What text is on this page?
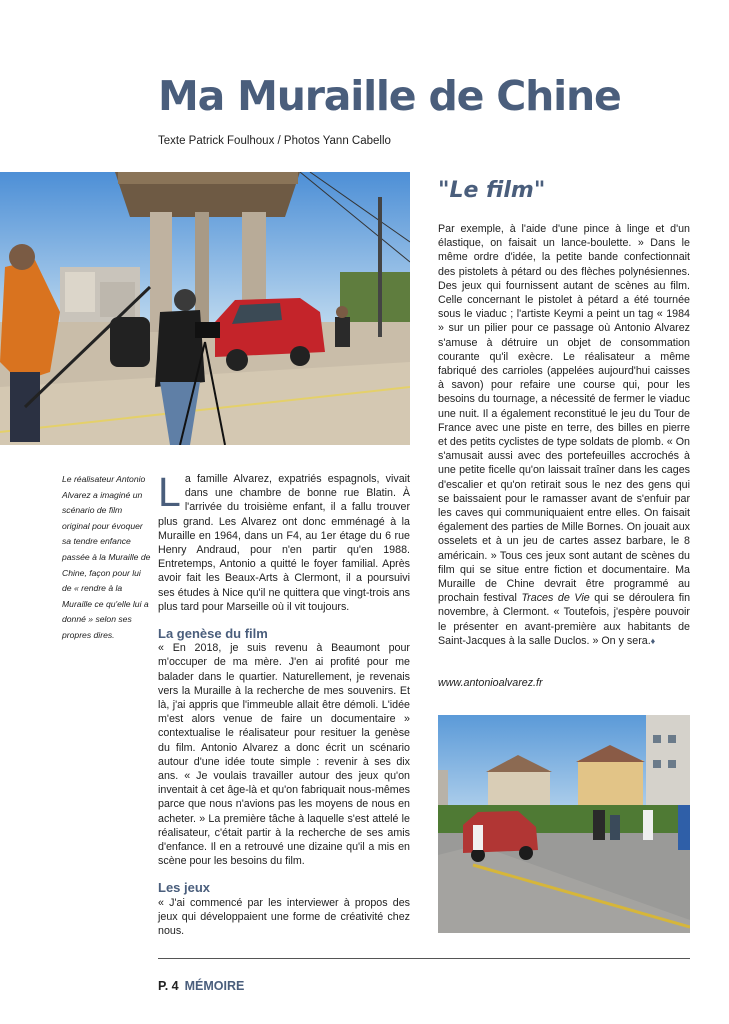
Ma Muraille de Chine
Texte Patrick Foulhoux / Photos Yann Cabello
Le réalisateur Antonio Alvarez a imaginé un scénario de film original pour évoquer sa tendre enfance passée à la Muraille de Chine, façon pour lui de « rendre à la Muraille ce qu'elle lui a donné » selon ses propres dires.

La famille Alvarez, expatriés espagnols, vivait dans une chambre de bonne rue Blatin. À l'arrivée du troisième enfant, il a fallu trouver plus grand. Les Alvarez ont donc emménagé à la Muraille en 1964, dans un F4, au 1er étage du 6 rue Henry Andraud, pour n'en partir qu'en 1988. Entretemps, Antonio a quitté le foyer familial. Après avoir fait les Beaux-Arts à Clermont, il a poursuivi ses études à Nice qu'il ne quittera que vingt-trois ans plus tard pour Marseille où il vit toujours.

La genèse du film

« En 2018, je suis revenu à Beaumont pour m'occuper de ma mère. J'en ai profité pour me balader dans le quartier. Naturellement, je revenais vers la Muraille à la recherche de mes souvenirs. Et là, j'ai appris que l'immeuble allait être démoli. L'idée m'est alors venue de faire un documentaire » contextualise le réalisateur pour resituer la genèse du film. Antonio Alvarez a donc écrit un scénario autour d'une idée toute simple : revenir à ses dix ans. « Je voulais travailler autour des jeux qu'on inventait à cet âge-là et qu'on fabriquait nous-mêmes parce que nous n'avions pas les moyens de nous en acheter. » La première tâche à laquelle s'est attelé le réalisateur, c'était partir à la recherche de ses amis d'enfance. Il en a retrouvé une dizaine qu'il a mis en scène pour les besoins du film.

Les jeux

« J'ai commencé par les interviewer à propos des jeux qui développaient une forme de créativité chez nous.

"Le film"

Par exemple, à l'aide d'une pince à linge et d'un élastique, on faisait un lance-boulette. » Dans le même ordre d'idée, la petite bande confectionnait des pistolets à pétard ou des flèches polynésiennes. Des jeux qui fournissent autant de scènes au film. Celle concernant le pistolet à pétard a été tournée sous le viaduc ; l'artiste Keymi a peint un tag « 1984 » sur un pilier pour ce passage où Antonio Alvarez s'amuse à détruire un objet de consommation courante qu'il exècre. Le réalisateur a même fabriqué des carrioles (appelées aujourd'hui caisses à savon) pour refaire une course qui, pour les besoins du tournage, a nécessité de fermer le viaduc une nuit. Il a également reconstitué le jeu du Tour de France avec une piste en terre, des billes en pierre et des petits cyclistes de type soldats de plomb. « On s'amusait aussi avec des portefeuilles accrochés à une petite ficelle qu'on laissait traîner dans les cages d'escalier et qu'on retirait sous le nez des gens qui se baissaient pour le ramasser avant de s'enfuir par les caves qui communiquaient entre elles. On faisait également des parties de Mille Bornes. On jouait aux osselets et à un jeu de cartes assez barbare, le 8 américain. » Tous ces jeux sont autant de scènes du film qui se situe entre fiction et documentaire. Ma Muraille de Chine devrait être programmé au prochain festival Traces de Vie qui se déroulera fin novembre, à Clermont. « Toutefois, j'espère pouvoir le présenter en avant-première aux habitants de Saint-Jacques à la salle Duclos. » On y sera.♦

www.antonioalvarez.fr
P. 4 MÉMOIRE
